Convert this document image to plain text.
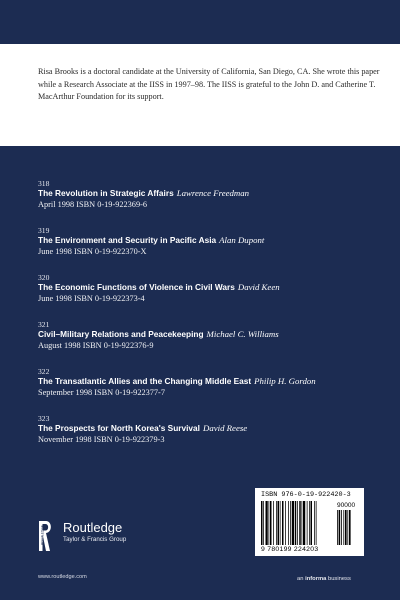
Risa Brooks is a doctoral candidate at the University of California, San Diego, CA. She wrote this paper while a Research Associate at the IISS in 1997–98. The IISS is grateful to the John D. and Catherine T. MacArthur Foundation for its support.

318
The Revolution in Strategic Affairs Lawrence Freedman
April 1998 ISBN 0-19-922369-6
319
The Environment and Security in Pacific Asia Alan Dupont
June 1998 ISBN 0-19-922370-X
320
The Economic Functions of Violence in Civil Wars David Keen
June 1998 ISBN 0-19-922373-4
321
Civil–Military Relations and Peacekeeping Michael C. Williams
August 1998 ISBN 0-19-922376-9
322
The Transatlantic Allies and the Changing Middle East Philip H. Gordon
September 1998 ISBN 0-19-922377-7
323
The Prospects for North Korea's Survival David Reese
November 1998 ISBN 0-19-922379-3
ROUTLEDGE Routledge
Taylor & Francis Group
www.routledge.com
ISBN 976-0-19-922420-3
90000
9 780199 224203
an informa business
